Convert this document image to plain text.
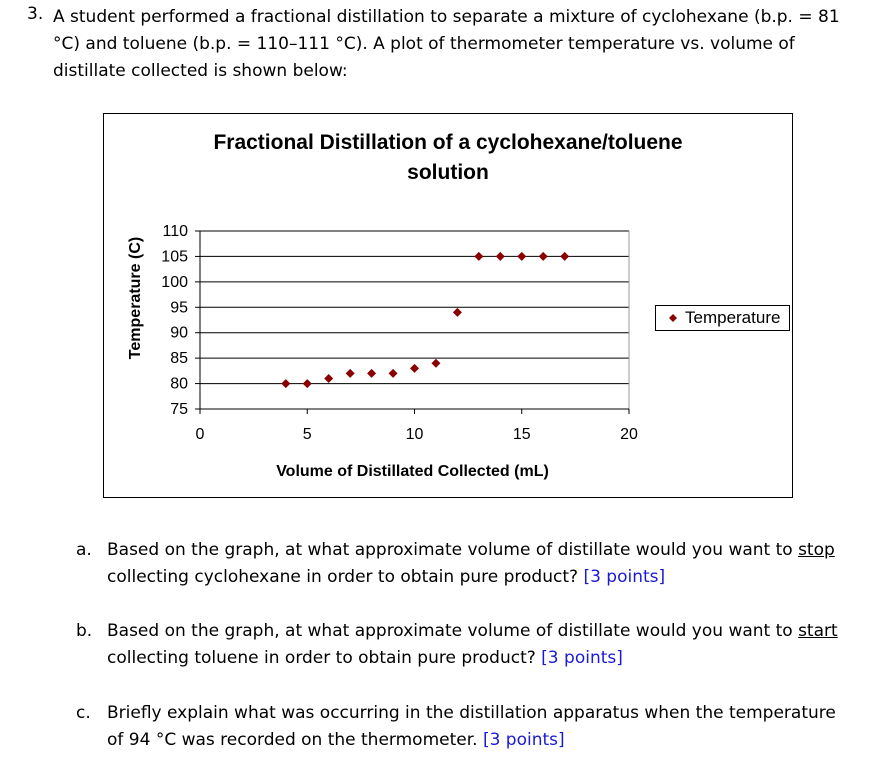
3. A student performed a fractional distillation to separate a mixture of cyclohexane (b.p. = 81 °C) and toluene (b.p. = 110–111 °C). A plot of thermometer temperature vs. volume of distillate collected is shown below:
Fractional Distillation of a cyclohexane/toluene
solution
75
80
85
90
95
100
105
110
0	5	10	15	20
Volume of Distillated Collected (mL)
Temperature (C)	Temperature
a. Based on the graph, at what approximate volume of distillate would you want to stop collecting cyclohexane in order to obtain pure product? [3 points]
b. Based on the graph, at what approximate volume of distillate would you want to start collecting toluene in order to obtain pure product? [3 points]
c. Briefly explain what was occurring in the distillation apparatus when the temperature of 94 °C was recorded on the thermometer. [3 points]
